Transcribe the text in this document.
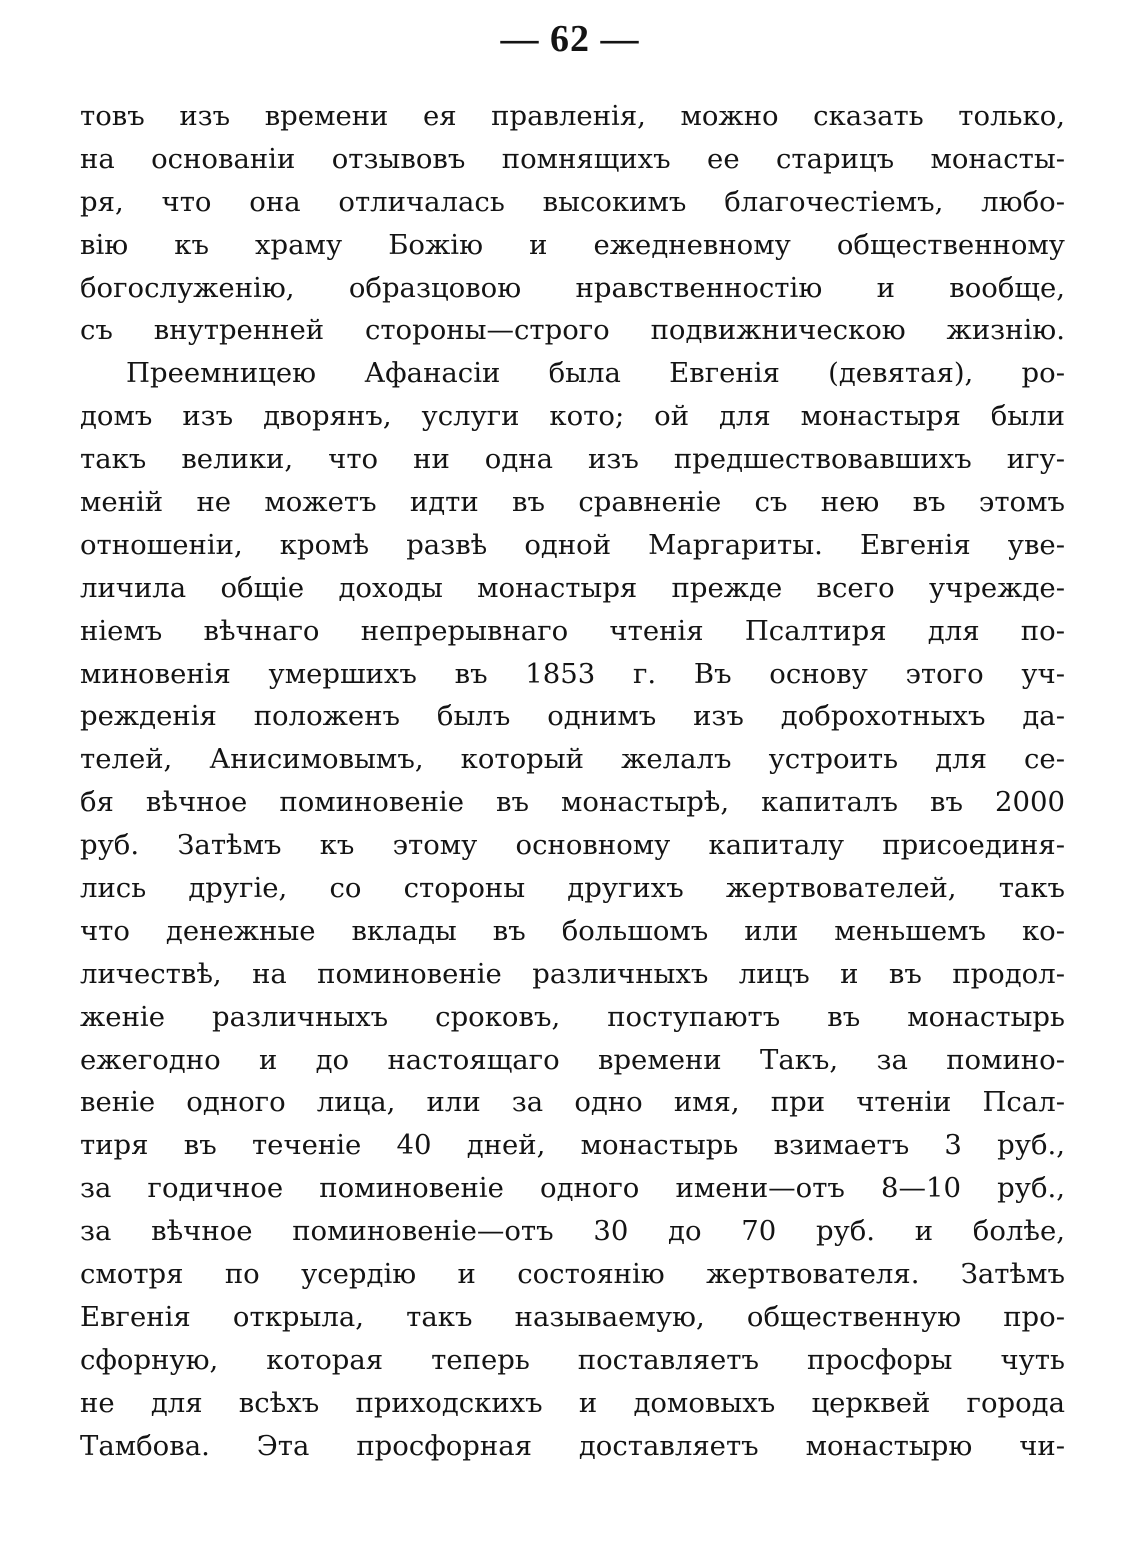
— 62 —
товъ изъ времени ея правленія, можно сказать только,
на основаніи отзывовъ помнящихъ ее старицъ монасты-
ря, что она отличалась высокимъ благочестіемъ, любо-
вію къ храму Божію и ежедневному общественному
богослуженію, образцовою нравственностію и вообще,
съ внутренней стороны—строго подвижническою жизнію.
Преемницею Афанасіи была Евгенія (девятая), ро-
домъ изъ дворянъ, услуги кото; ой для монастыря были
такъ велики, что ни одна изъ предшествовавшихъ игу-
меній не можетъ идти въ сравненіе съ нею въ этомъ
отношеніи, кромѣ развѣ одной Маргариты. Евгенія уве-
личила общіе доходы монастыря прежде всего учрежде-
ніемъ вѣчнаго непрерывнаго чтенія Псалтиря для по-
миновенія умершихъ въ 1853 г. Въ основу этого уч-
режденія положенъ былъ однимъ изъ доброхотныхъ да-
телей, Анисимовымъ, который желалъ устроить для се-
бя вѣчное поминовеніе въ монастырѣ, капиталъ въ 2000
руб. Затѣмъ къ этому основному капиталу присоединя-
лись другіе, со стороны другихъ жертвователей, такъ
что денежные вклады въ большомъ или меньшемъ ко-
личествѣ, на поминовеніе различныхъ лицъ и въ продол-
женіе различныхъ сроковъ, поступаютъ въ монастырь
ежегодно и до настоящаго времени Такъ, за помино-
веніе одного лица, или за одно имя, при чтеніи Псал-
тиря въ теченіе 40 дней, монастырь взимаетъ 3 руб.,
за годичное поминовеніе одного имени—отъ 8—10 руб.,
за вѣчное поминовеніе—отъ 30 до 70 руб. и болѣе,
смотря по усердію и состоянію жертвователя. Затѣмъ
Евгенія открыла, такъ называемую, общественную про-
сфорную, которая теперь поставляетъ просфоры чуть
не для всѣхъ приходскихъ и домовыхъ церквей города
Тамбова. Эта просфорная доставляетъ монастырю чи-
